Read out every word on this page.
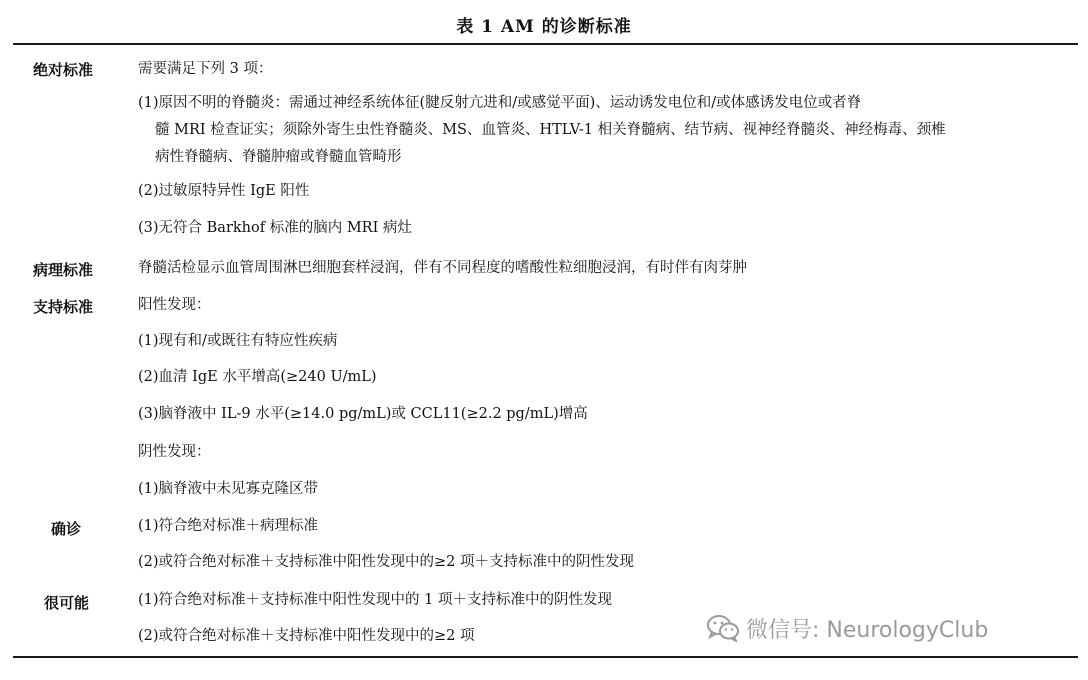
表 1 AM 的诊断标准
绝对标准	需要满足下列 3 项：
(1)原因不明的脊髓炎：需通过神经系统体征(腱反射亢进和/或感觉平面)、运动诱发电位和/或体感诱发电位或者脊
髓 MRI 检查证实；须除外寄生虫性脊髓炎、MS、血管炎、HTLV-1 相关脊髓病、结节病、视神经脊髓炎、神经梅毒、颈椎
病性脊髓病、脊髓肿瘤或脊髓血管畸形
(2)过敏原特异性 IgE 阳性
(3)无符合 Barkhof 标准的脑内 MRI 病灶
病理标准	脊髓活检显示血管周围淋巴细胞套样浸润，伴有不同程度的嗜酸性粒细胞浸润，有时伴有肉芽肿
支持标准	阳性发现：
(1)现有和/或既往有特应性疾病
(2)血清 IgE 水平增高(≥240 U/mL)
(3)脑脊液中 IL-9 水平(≥14.0 pg/mL)或 CCL11(≥2.2 pg/mL)增高
阴性发现：
(1)脑脊液中未见寡克隆区带
确诊	(1)符合绝对标准＋病理标准
(2)或符合绝对标准＋支持标准中阳性发现中的≥2 项＋支持标准中的阴性发现
很可能	(1)符合绝对标准＋支持标准中阳性发现中的 1 项＋支持标准中的阴性发现
(2)或符合绝对标准＋支持标准中阳性发现中的≥2 项	微信号: NeurologyClub
